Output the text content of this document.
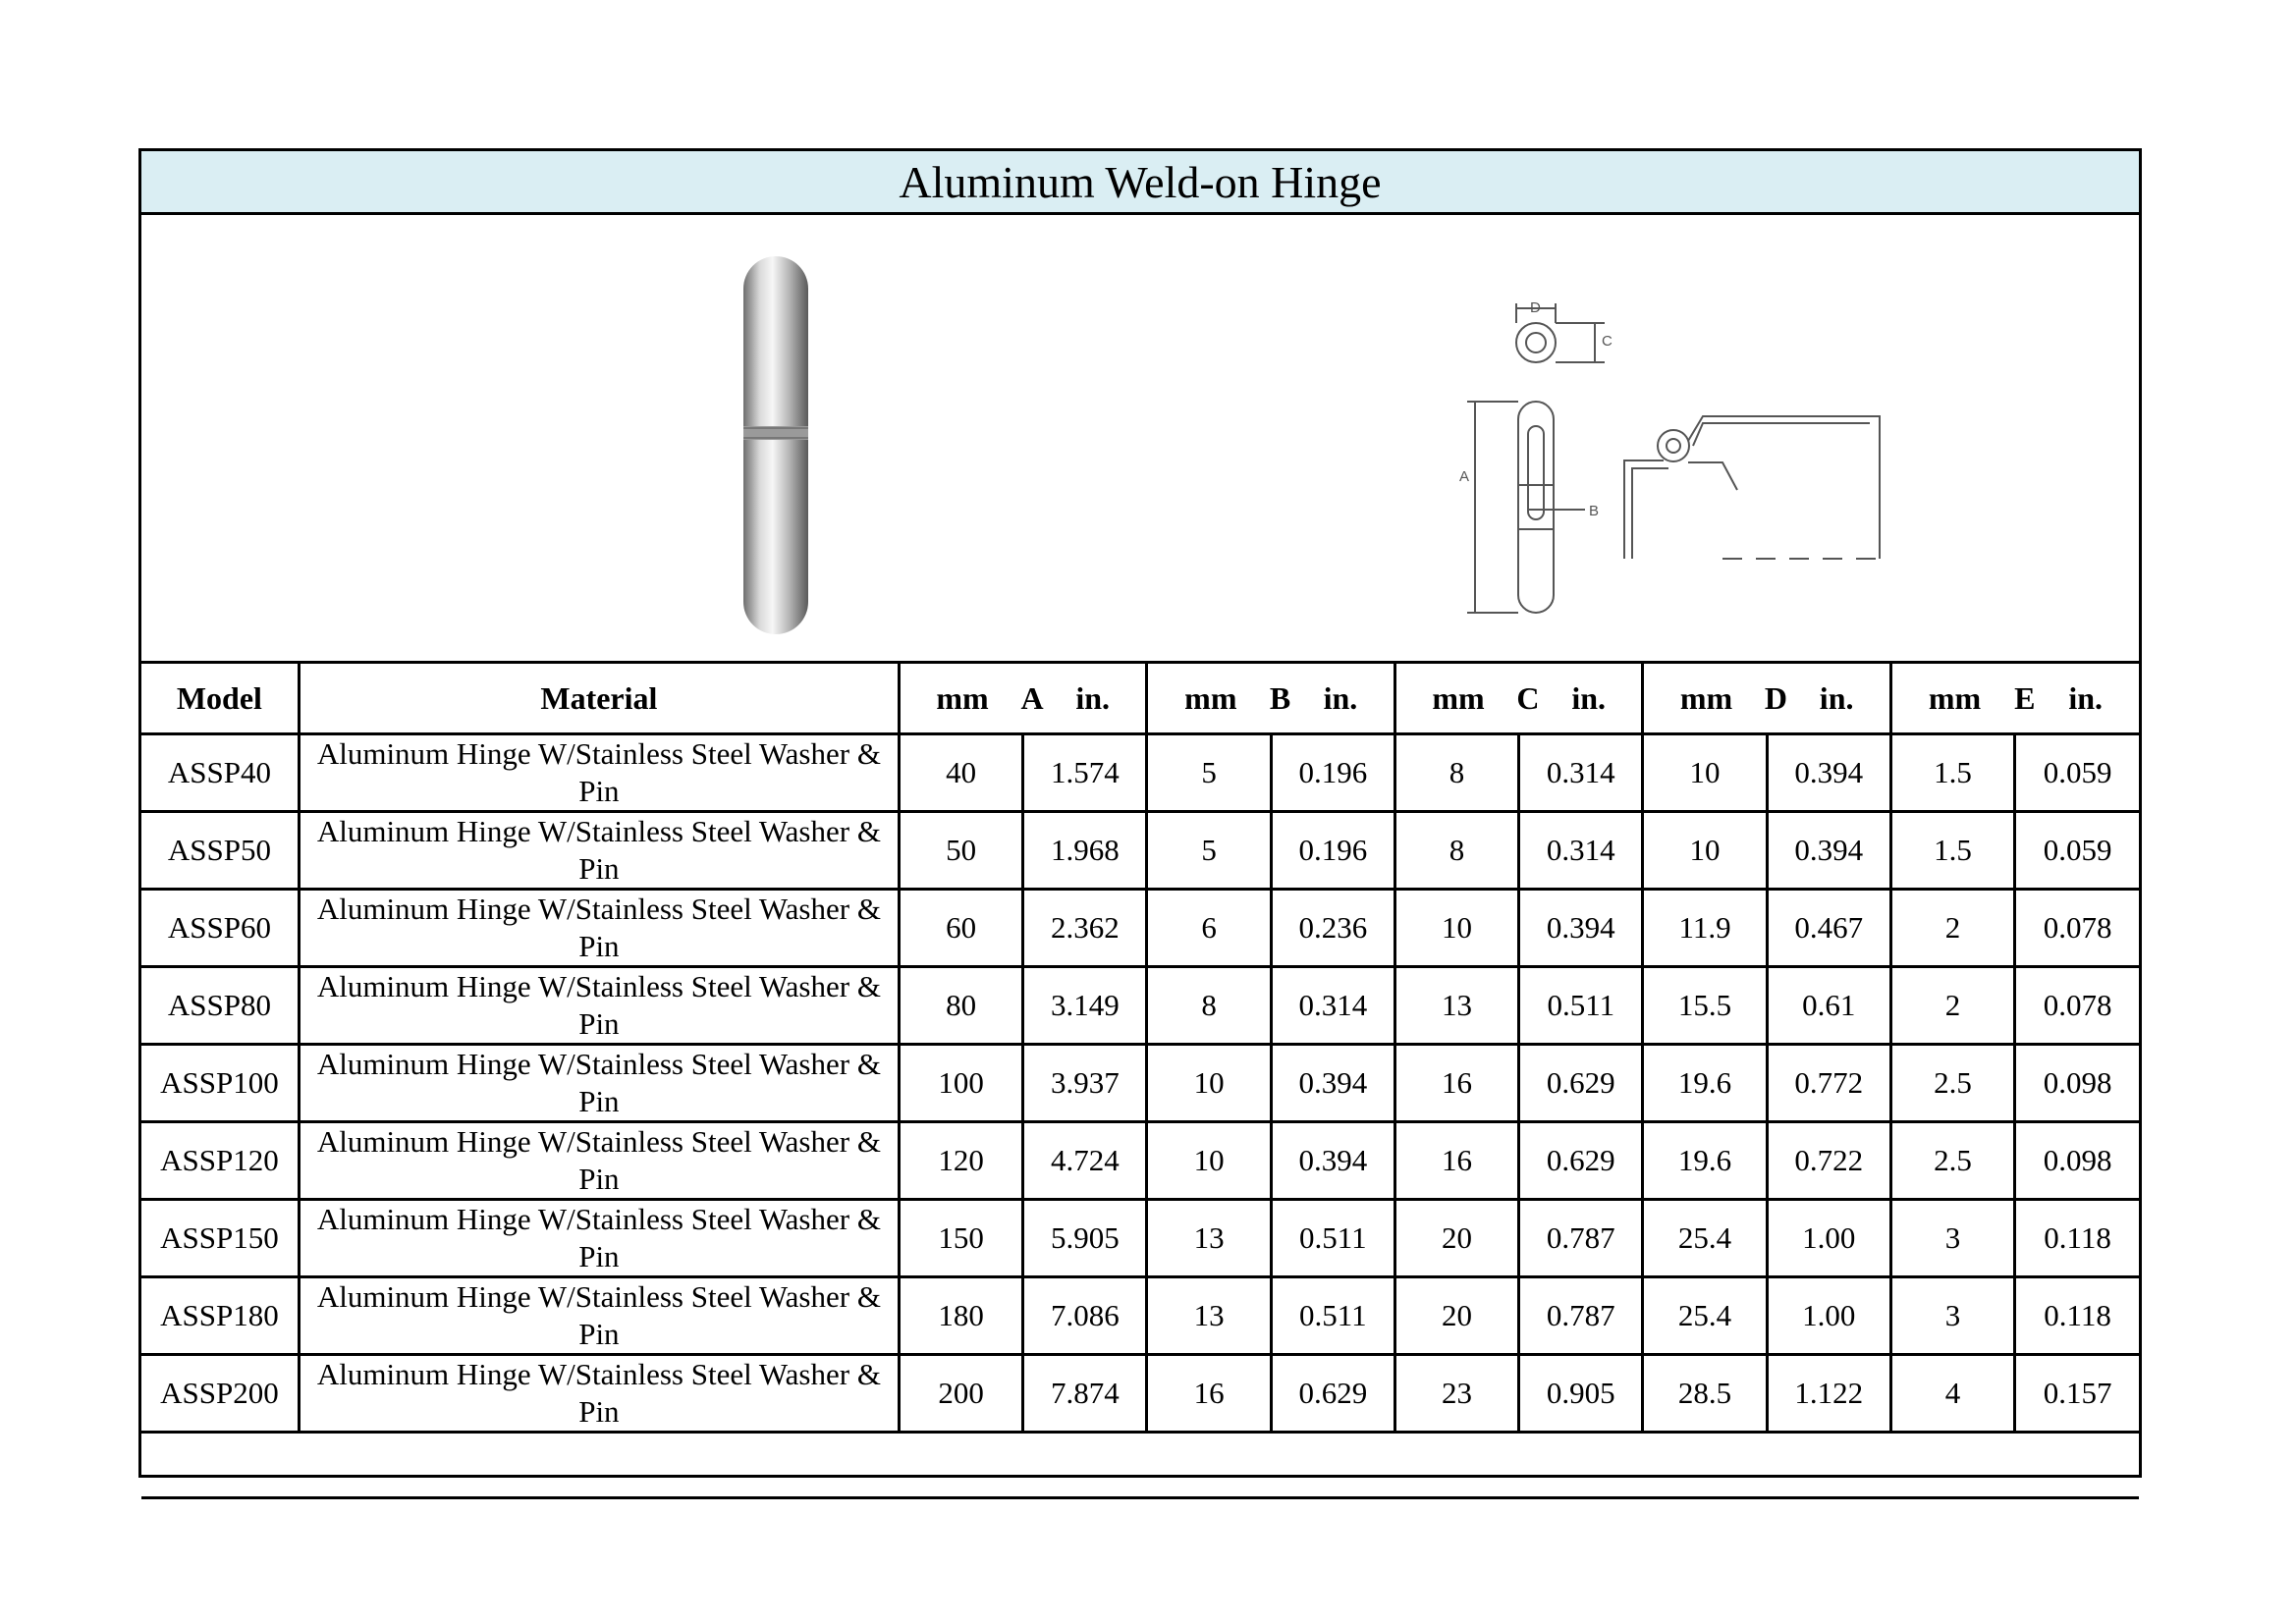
Aluminum Weld-on Hinge
D
C
A
B
Model	Material	mm A in.		mm B in.		mm C in.		mm D in.		mm E in.	

ASSP40	Aluminum Hinge W/Stainless Steel Washer & Pin	40	1.574	5	0.196	8	0.314	10	0.394	1.5	0.059
ASSP50	Aluminum Hinge W/Stainless Steel Washer & Pin	50	1.968	5	0.196	8	0.314	10	0.394	1.5	0.059
ASSP60	Aluminum Hinge W/Stainless Steel Washer & Pin	60	2.362	6	0.236	10	0.394	11.9	0.467	2	0.078
ASSP80	Aluminum Hinge W/Stainless Steel Washer & Pin	80	3.149	8	0.314	13	0.511	15.5	0.61	2	0.078
ASSP100	Aluminum Hinge W/Stainless Steel Washer & Pin	100	3.937	10	0.394	16	0.629	19.6	0.772	2.5	0.098
ASSP120	Aluminum Hinge W/Stainless Steel Washer & Pin	120	4.724	10	0.394	16	0.629	19.6	0.722	2.5	0.098
ASSP150	Aluminum Hinge W/Stainless Steel Washer & Pin	150	5.905	13	0.511	20	0.787	25.4	1.00	3	0.118
ASSP180	Aluminum Hinge W/Stainless Steel Washer & Pin	180	7.086	13	0.511	20	0.787	25.4	1.00	3	0.118
ASSP200	Aluminum Hinge W/Stainless Steel Washer & Pin	200	7.874	16	0.629	23	0.905	28.5	1.122	4	0.157
